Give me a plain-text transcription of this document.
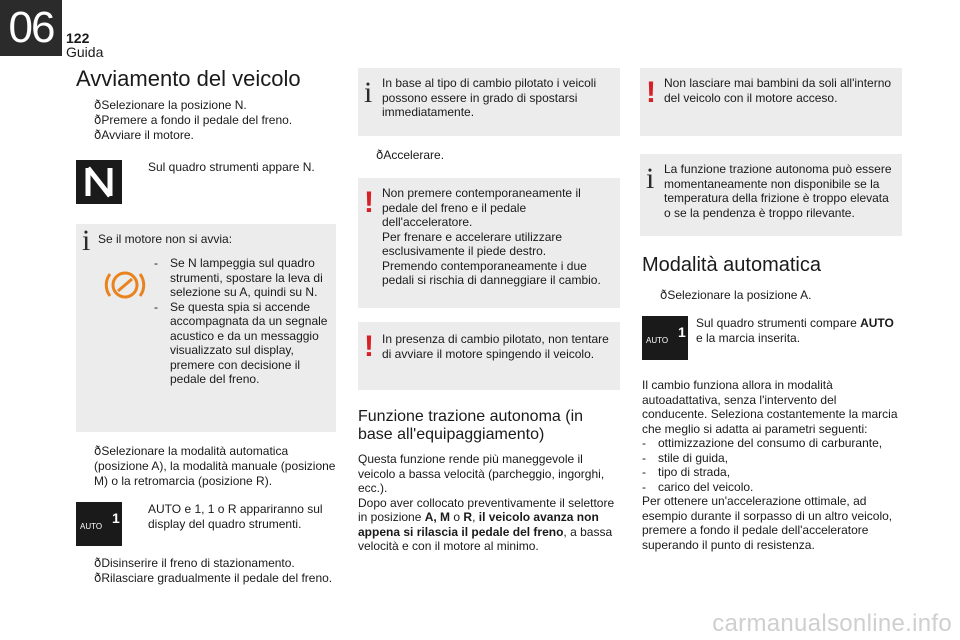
06 122
Guida
Avviamento del veicolo
ð Selezionare la posizione N.
ð Premere a fondo il pedale del freno.
ð Avviare il motore.
Sul quadro strumenti appare N.
i Se il motore non si avvia:
- Se N lampeggia sul quadro strumenti, spostare la leva di selezione su A, quindi su N.
- Se questa spia si accende accompagnata da un segnale acustico e da un messaggio visualizzato sul display, premere con decisione il pedale del freno.
ð Selezionare la modalità automatica (posizione A), la modalità manuale (posizione M) o la retromarcia (posizione R).
AUTO
1
AUTO e 1, 1 o R appariranno sul display del quadro strumenti.
ð Disinserire il freno di stazionamento.
ð Rilasciare gradualmente il pedale del freno.
i In base al tipo di cambio pilotato i veicoli possono essere in grado di spostarsi immediatamente.
ð Accelerare.
! Non premere contemporaneamente il pedale del freno e il pedale dell'acceleratore.
Per frenare e accelerare utilizzare esclusivamente il piede destro.
Premendo contemporaneamente i due pedali si rischia di danneggiare il cambio.
! In presenza di cambio pilotato, non tentare di avviare il motore spingendo il veicolo.
Funzione trazione autonoma (in base all'equipaggiamento)
Questa funzione rende più maneggevole il veicolo a bassa velocità (parcheggio, ingorghi, ecc.).
Dopo aver collocato preventivamente il selettore in posizione A, M o R, il veicolo avanza non appena si rilascia il pedale del freno, a bassa velocità e con il motore al minimo.
! Non lasciare mai bambini da soli all'interno del veicolo con il motore acceso.
i La funzione trazione autonoma può essere momentaneamente non disponibile se la temperatura della frizione è troppo elevata o se la pendenza è troppo rilevante.
Modalità automatica
ð Selezionare la posizione A.
AUTO
1
Sul quadro strumenti compare AUTO e la marcia inserita.
Il cambio funziona allora in modalità autoadattativa, senza l'intervento del conducente. Seleziona costantemente la marcia che meglio si adatta ai parametri seguenti:
- ottimizzazione del consumo di carburante,
- stile di guida,
- tipo di strada,
- carico del veicolo.
Per ottenere un'accelerazione ottimale, ad esempio durante il sorpasso di un altro veicolo, premere a fondo il pedale dell'acceleratore superando il punto di resistenza.
carmanualsonline.info
